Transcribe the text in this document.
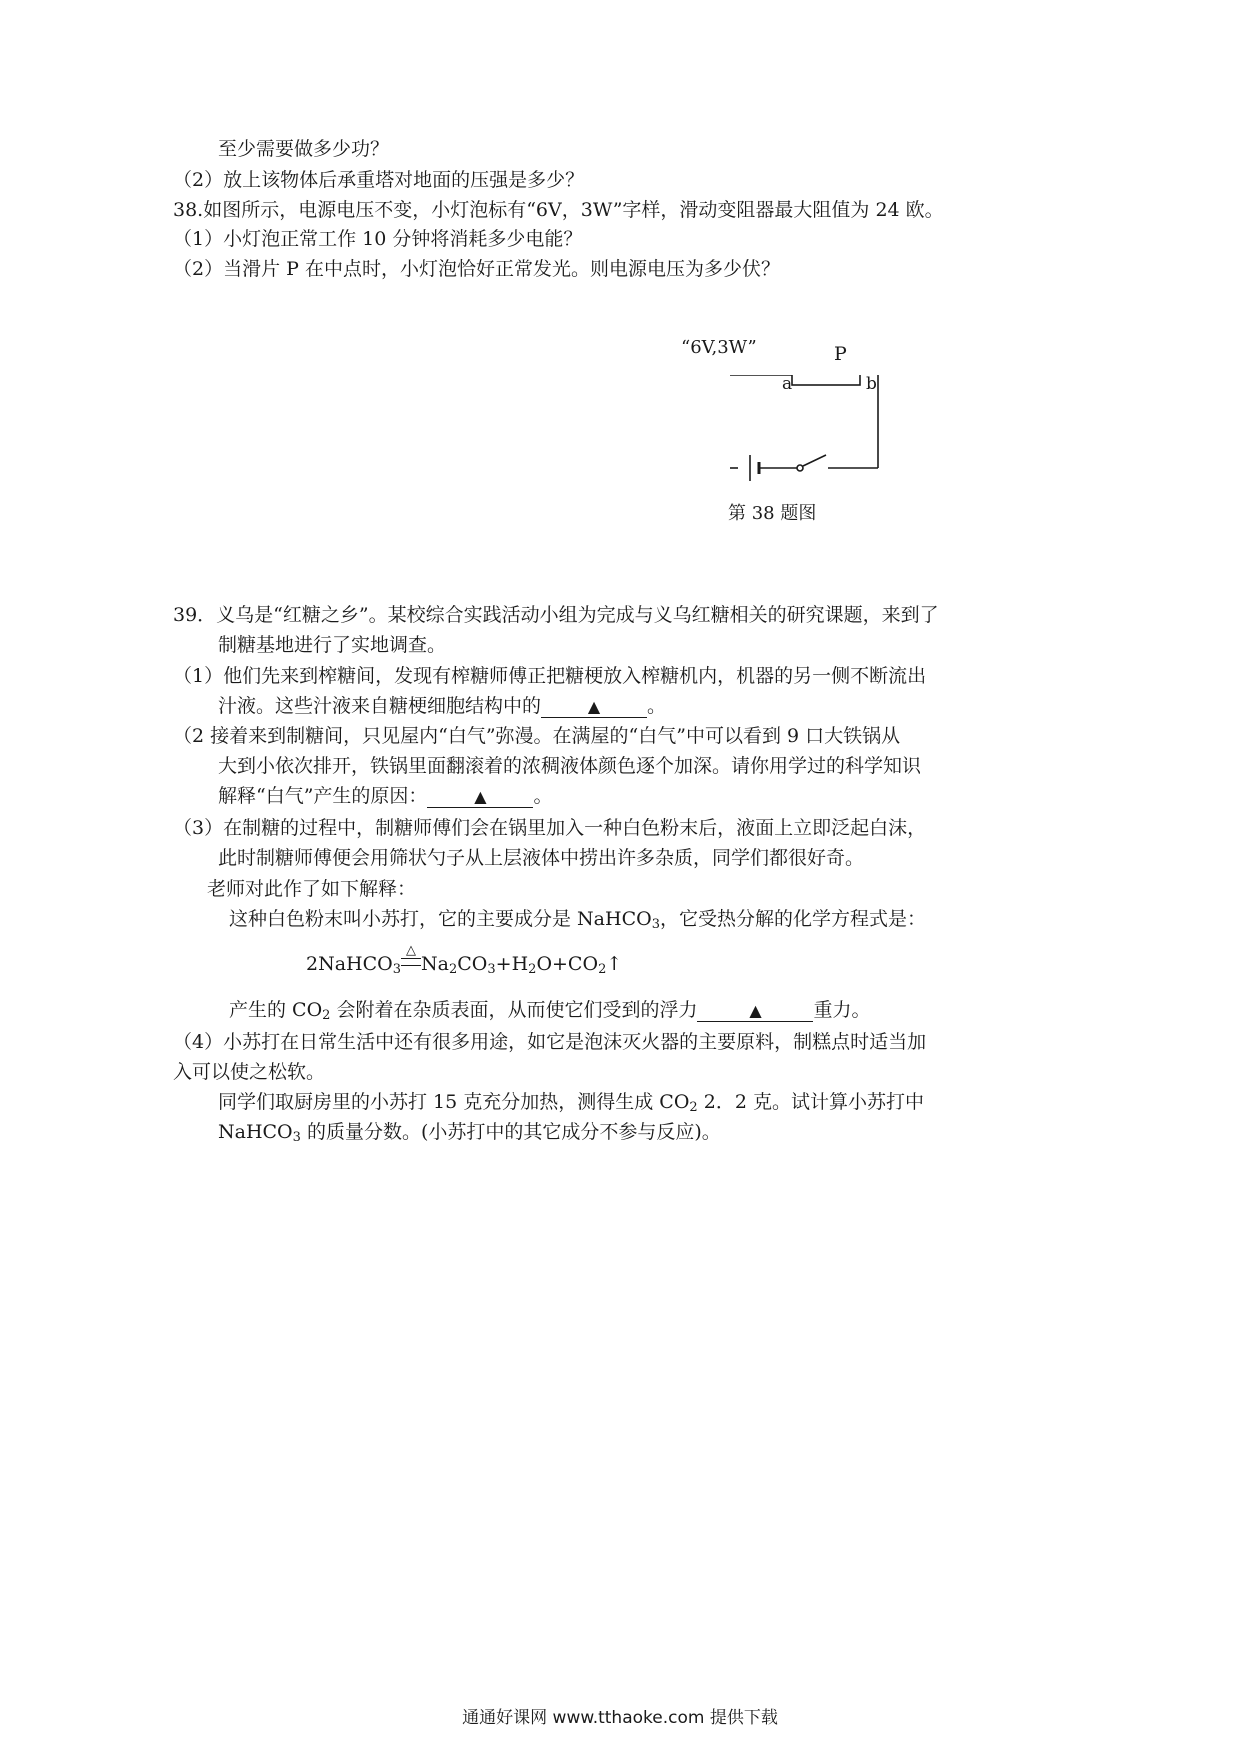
至少需要做多少功？
（2）放上该物体后承重塔对地面的压强是多少？
38.如图所示，电源电压不变，小灯泡标有“6V，3W”字样，滑动变阻器最大阻值为 24 欧。
（1）小灯泡正常工作 10 分钟将消耗多少电能？
（2）当滑片 P 在中点时，小灯泡恰好正常发光。则电源电压为多少伏？
“6V,3W”	P
a	b
第 38 题图
39．义乌是“红糖之乡”。某校综合实践活动小组为完成与义乌红糖相关的研究课题，来到了
制糖基地进行了实地调查。
（1）他们先来到榨糖间，发现有榨糖师傅正把糖梗放入榨糖机内，机器的另一侧不断流出
汁液。这些汁液来自糖梗细胞结构中的	▲ 。
（2 接着来到制糖间，只见屋内“白气”弥漫。在满屋的“白气”中可以看到 9 口大铁锅从
大到小依次排开，铁锅里面翻滚着的浓稠液体颜色逐个加深。请你用学过的科学知识
解释“白气”产生的原因：	▲ 。
（3）在制糖的过程中，制糖师傅们会在锅里加入一种白色粉末后，液面上立即泛起白沫，
此时制糖师傅便会用筛状勺子从上层液体中捞出许多杂质，同学们都很好奇。
老师对此作了如下解释：
这种白色粉末叫小苏打，它的主要成分是 NaHCO$_3$，它受热分解的化学方程式是：
2NaHCO$_3$
△
$Na_2CO_3+H_2O+CO_2↑$
产生的 $CO_2$ 会附着在杂质表面，从而使它们受到的浮力	▲	重力。
（4）小苏打在日常生活中还有很多用途，如它是泡沫灭火器的主要原料，制糕点时适当加
入可以使之松软。
同学们取厨房里的小苏打 15 克充分加热，测得生成 $CO_2$ 2．2 克。试计算小苏打中
NaHCO$_3$ 的质量分数。(小苏打中的其它成分不参与反应)。
通通好课网 www.tthaoke.com 提供下载
